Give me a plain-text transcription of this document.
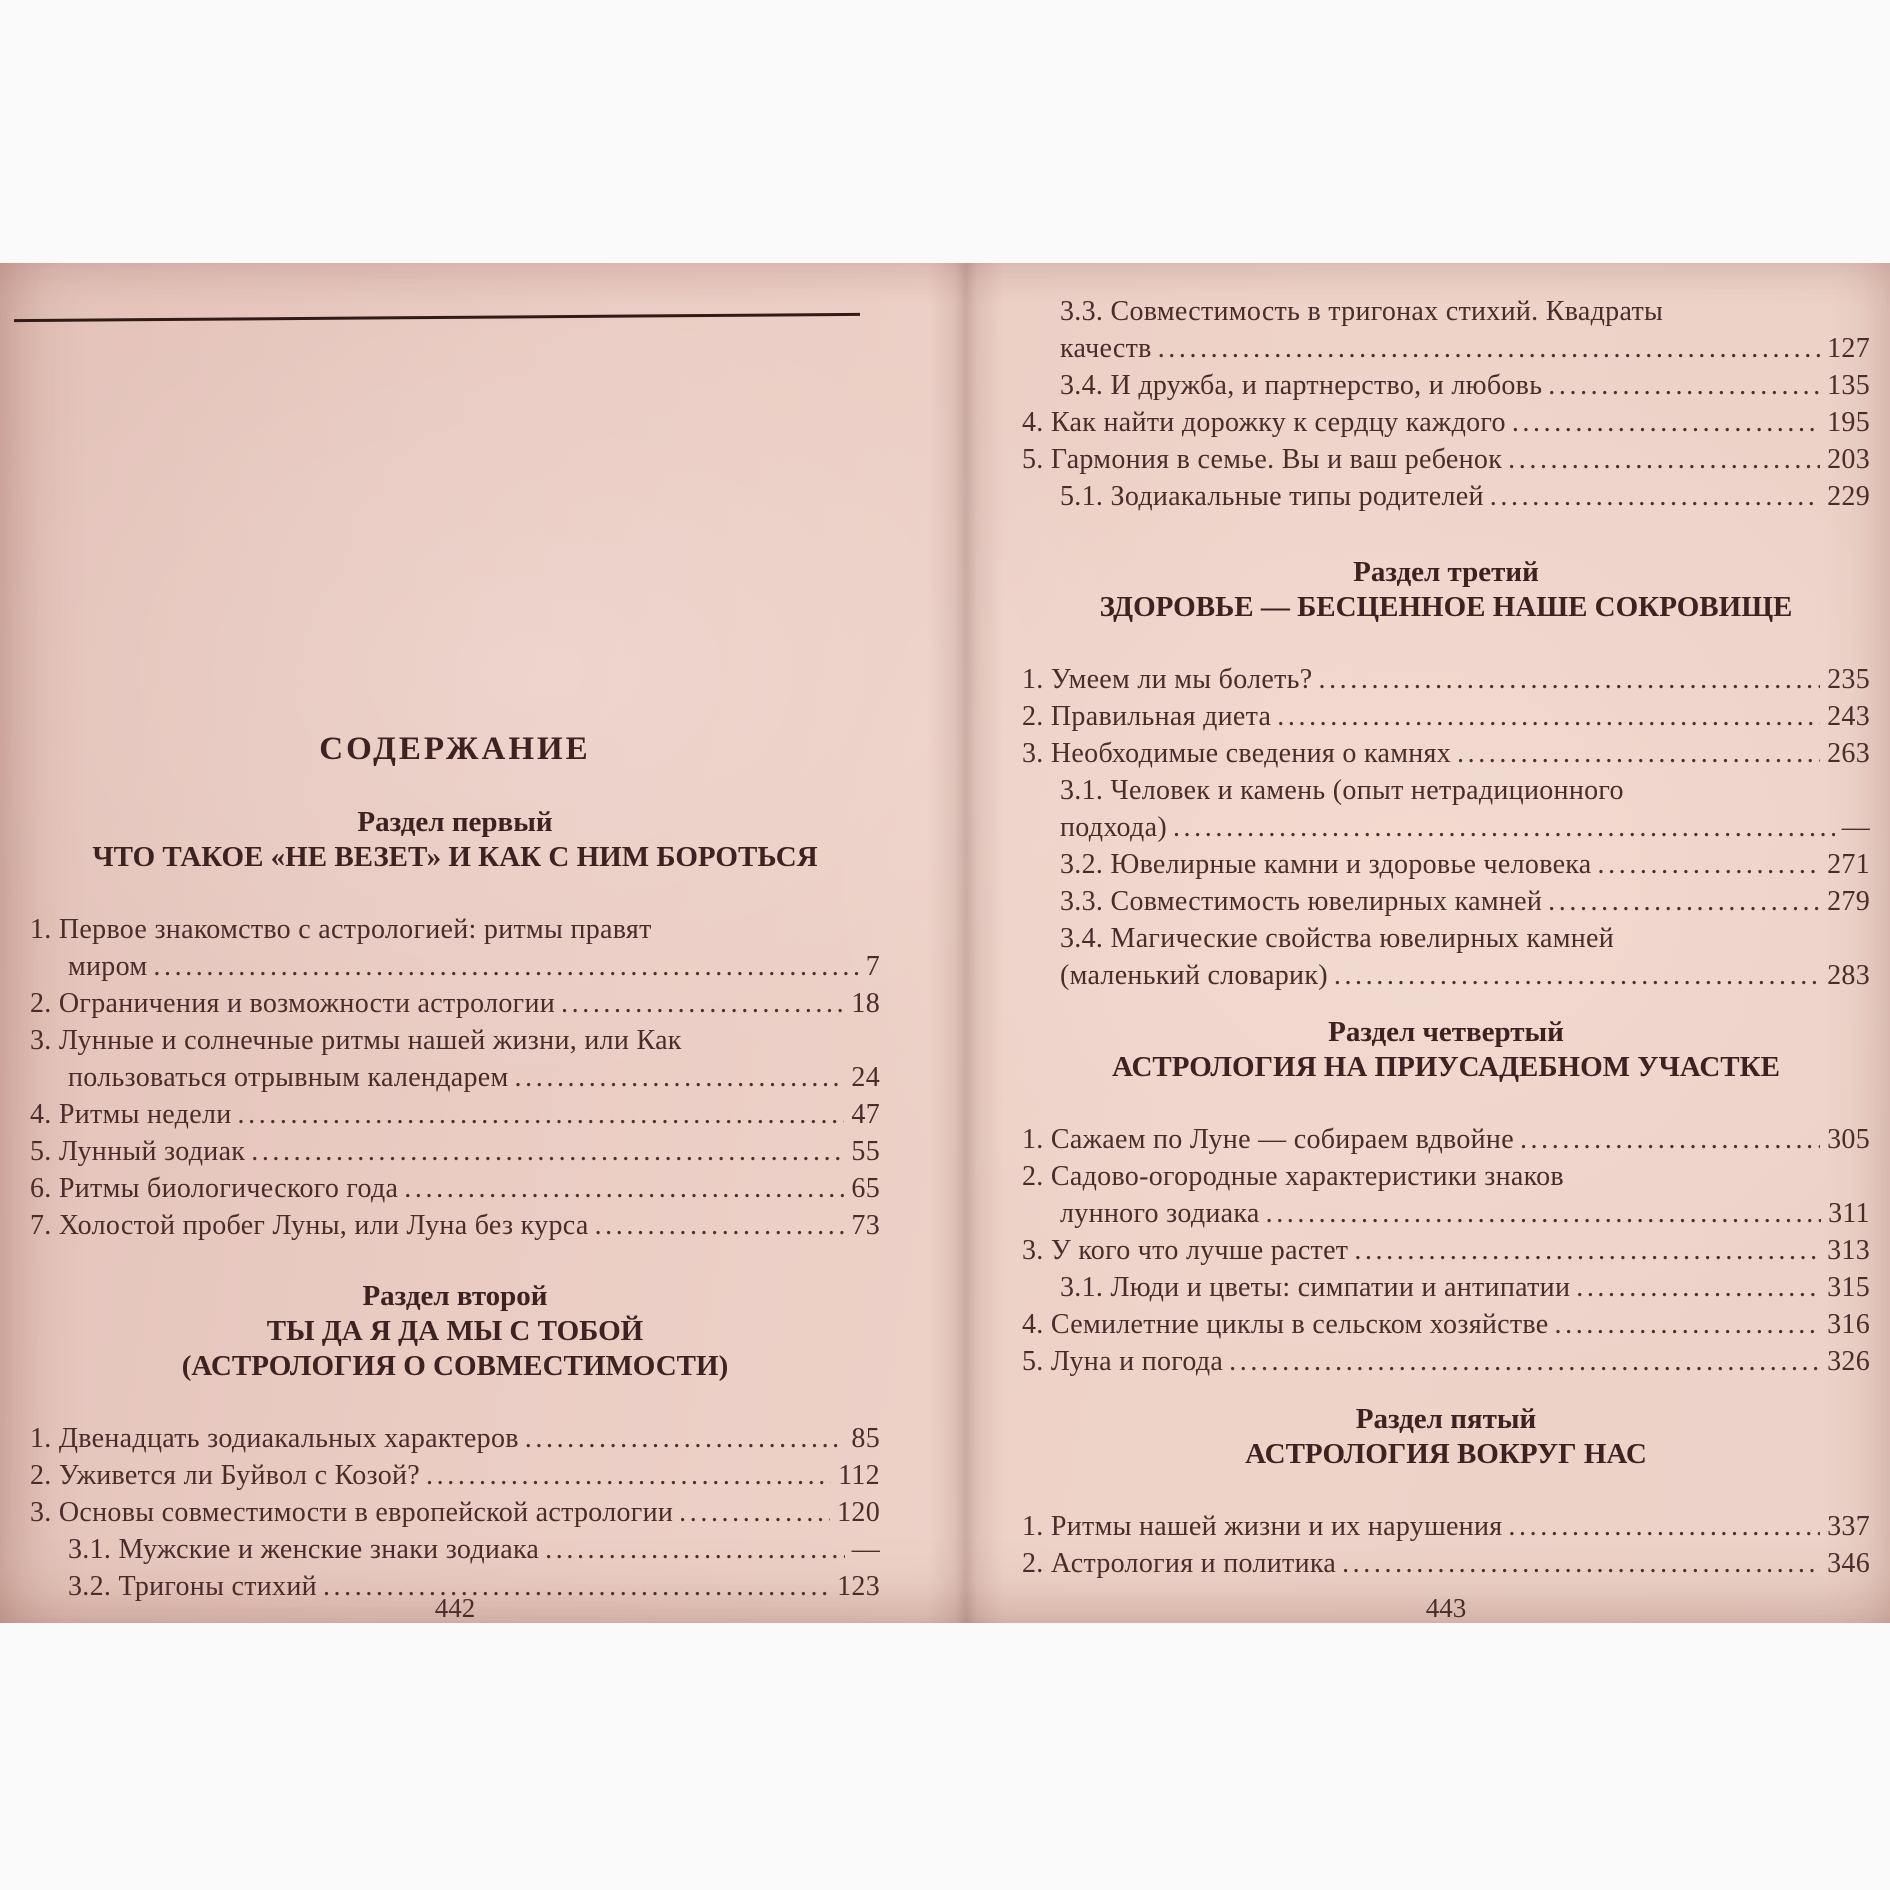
СОДЕРЖАНИЕ
Раздел первый
ЧТО ТАКОЕ «НЕ ВЕЗЕТ» И КАК С НИМ БОРОТЬСЯ
1. Первое знакомство с астрологией: ритмы правят
миром .....	7
2. Ограничения и возможности астрологии .....	18
3. Лунные и солнечные ритмы нашей жизни, или Как
пользоваться отрывным календарем .....	24
4. Ритмы недели .....	47
5. Лунный зодиак .....	55
6. Ритмы биологического года .....	65
7. Холостой пробег Луны, или Луна без курса .....	73
Раздел второй
ТЫ ДА Я ДА МЫ С ТОБОЙ
(АСТРОЛОГИЯ О СОВМЕСТИМОСТИ)
1. Двенадцать зодиакальных характеров .....	85
2. Уживется ли Буйвол с Козой? .....	112
3. Основы совместимости в европейской астрологии .....	120
3.1. Мужские и женские знаки зодиака .....	—
3.2. Тригоны стихий .....	123
442
3.3. Совместимость в тригонах стихий. Квадраты
качеств .....	127
3.4. И дружба, и партнерство, и любовь .....	135
4. Как найти дорожку к сердцу каждого .....	195
5. Гармония в семье. Вы и ваш ребенок .....	203
5.1. Зодиакальные типы родителей .....	229
Раздел третий
ЗДОРОВЬЕ — БЕСЦЕННОЕ НАШЕ СОКРОВИЩЕ
1. Умеем ли мы болеть? .....	235
2. Правильная диета .....	243
3. Необходимые сведения о камнях .....	263
3.1. Человек и камень (опыт нетрадиционного
подхода) .....	—
3.2. Ювелирные камни и здоровье человека .....	271
3.3. Совместимость ювелирных камней .....	279
3.4. Магические свойства ювелирных камней
(маленький словарик) .....	283
Раздел четвертый
АСТРОЛОГИЯ НА ПРИУСАДЕБНОМ УЧАСТКЕ
1. Сажаем по Луне — собираем вдвойне .....	305
2. Садово-огородные характеристики знаков
лунного зодиака .....	311
3. У кого что лучше растет .....	313
3.1. Люди и цветы: симпатии и антипатии .....	315
4. Семилетние циклы в сельском хозяйстве .....	316
5. Луна и погода .....	326
Раздел пятый
АСТРОЛОГИЯ ВОКРУГ НАС
1. Ритмы нашей жизни и их нарушения .....	337
2. Астрология и политика .....	346
443
